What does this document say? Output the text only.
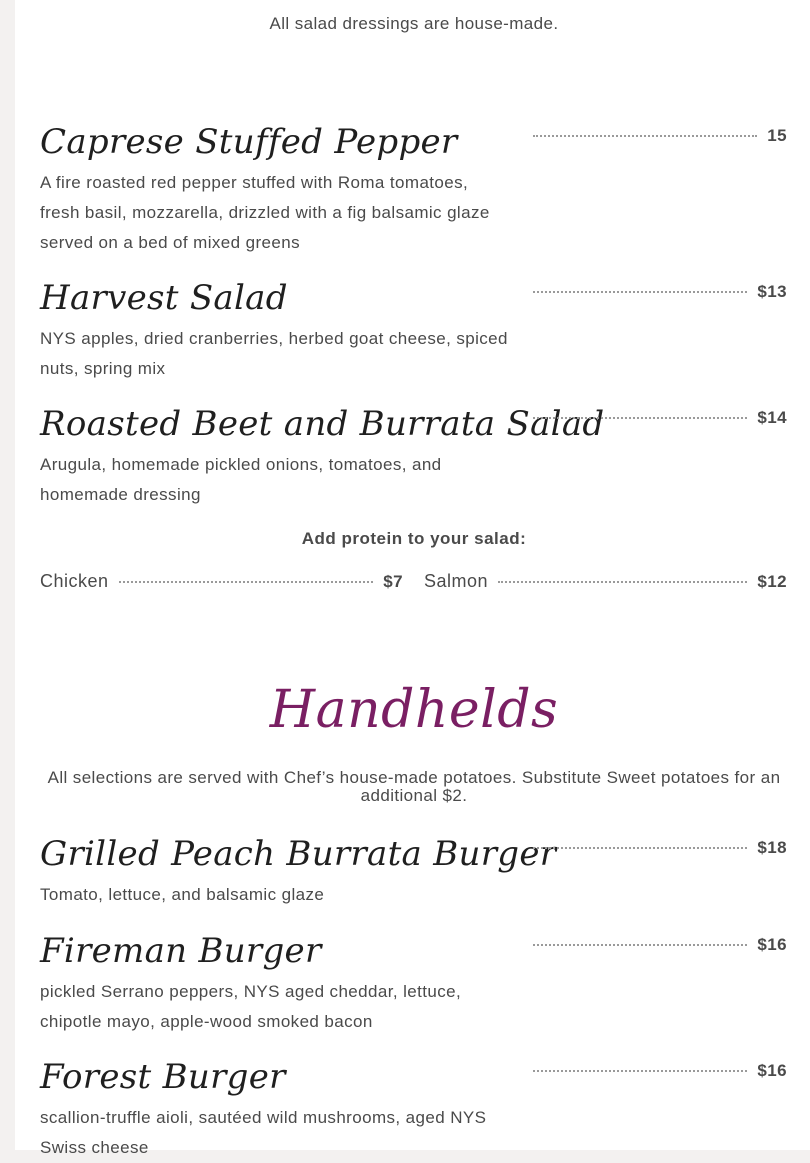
All salad dressings are house-made.
Caprese Stuffed Pepper	15
A fire roasted red pepper stuffed with Roma tomatoes, fresh basil, mozzarella, drizzled with a fig balsamic glaze served on a bed of mixed greens
Harvest Salad	$13
NYS apples, dried cranberries, herbed goat cheese, spiced nuts, spring mix
Roasted Beet and Burrata Salad	$14
Arugula, homemade pickled onions, tomatoes, and homemade dressing
Add protein to your salad:
Chicken	$7 Salmon	$12
Handhelds
All selections are served with Chef’s house-made potatoes. Substitute Sweet potatoes for an additional $2.
Grilled Peach Burrata Burger	$18
Tomato, lettuce, and balsamic glaze
Fireman Burger	$16
pickled Serrano peppers, NYS aged cheddar, lettuce, chipotle mayo, apple-wood smoked bacon
Forest Burger	$16
scallion-truffle aioli, sautéed wild mushrooms, aged NYS Swiss cheese
